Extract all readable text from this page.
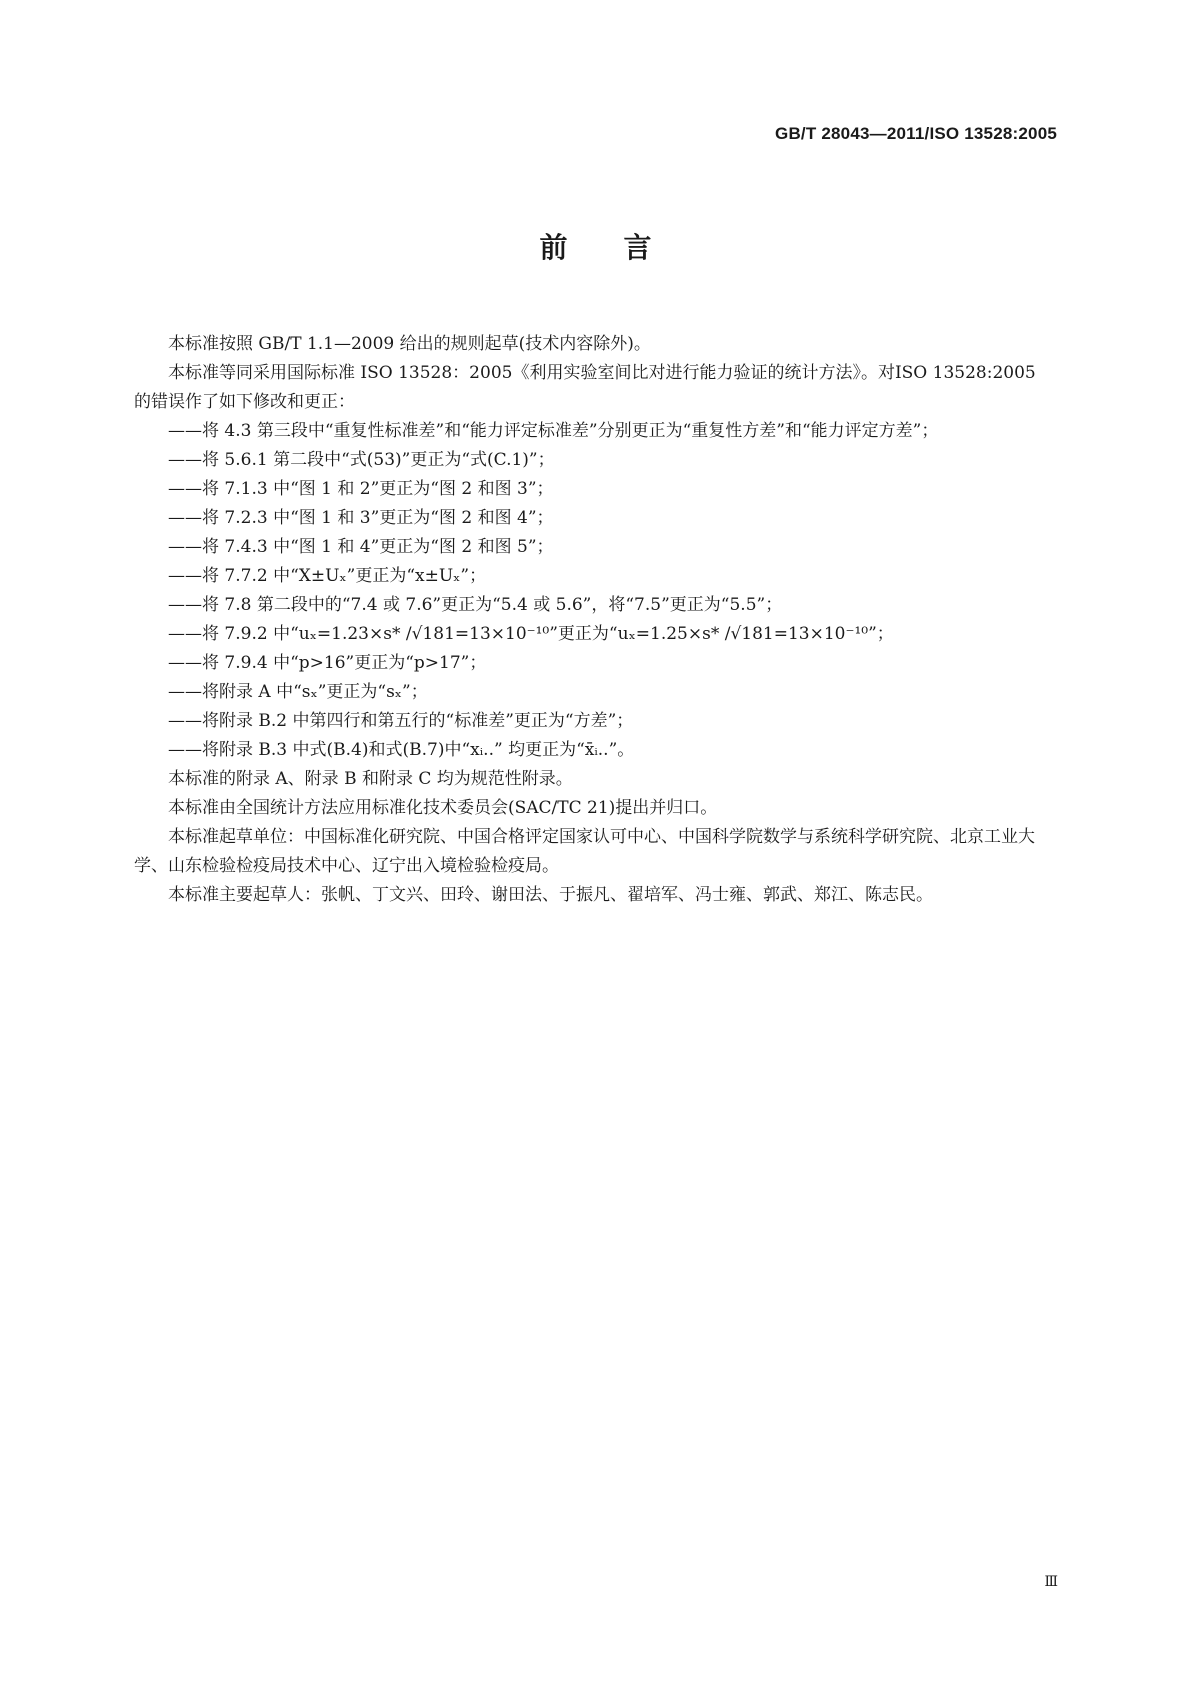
GB/T 28043—2011/ISO 13528:2005
前 言

本标准按照 GB/T 1.1—2009 给出的规则起草(技术内容除外)。

本标准等同采用国际标准 ISO 13528：2005《利用实验室间比对进行能力验证的统计方法》。对ISO 13528:2005 的错误作了如下修改和更正：

——将 4.3 第三段中“重复性标准差”和“能力评定标准差”分别更正为“重复性方差”和“能力评定方差”；

——将 5.6.1 第二段中“式(53)”更正为“式(C.1)”；

——将 7.1.3 中“图 1 和 2”更正为“图 2 和图 3”；

——将 7.2.3 中“图 1 和 3”更正为“图 2 和图 4”；

——将 7.4.3 中“图 1 和 4”更正为“图 2 和图 5”；

——将 7.7.2 中“X±Uₓ”更正为“x±Uₓ”；

——将 7.8 第二段中的“7.4 或 7.6”更正为“5.4 或 5.6”，将“7.5”更正为“5.5”；

——将 7.9.2 中“uₓ=1.23×s* /√181=13×10⁻¹⁰”更正为“uₓ=1.25×s* /√181=13×10⁻¹⁰”；

——将 7.9.4 中“p>16”更正为“p>17”；

——将附录 A 中“sₓ”更正为“sₓ”；

——将附录 B.2 中第四行和第五行的“标准差”更正为“方差”；

——将附录 B.3 中式(B.4)和式(B.7)中“xᵢ..” 均更正为“x̄ᵢ..”。

本标准的附录 A、附录 B 和附录 C 均为规范性附录。

本标准由全国统计方法应用标准化技术委员会(SAC/TC 21)提出并归口。

本标准起草单位：中国标准化研究院、中国合格评定国家认可中心、中国科学院数学与系统科学研究院、北京工业大学、山东检验检疫局技术中心、辽宁出入境检验检疫局。

本标准主要起草人：张帆、丁文兴、田玲、谢田法、于振凡、翟培军、冯士雍、郭武、郑江、陈志民。

Ⅲ
